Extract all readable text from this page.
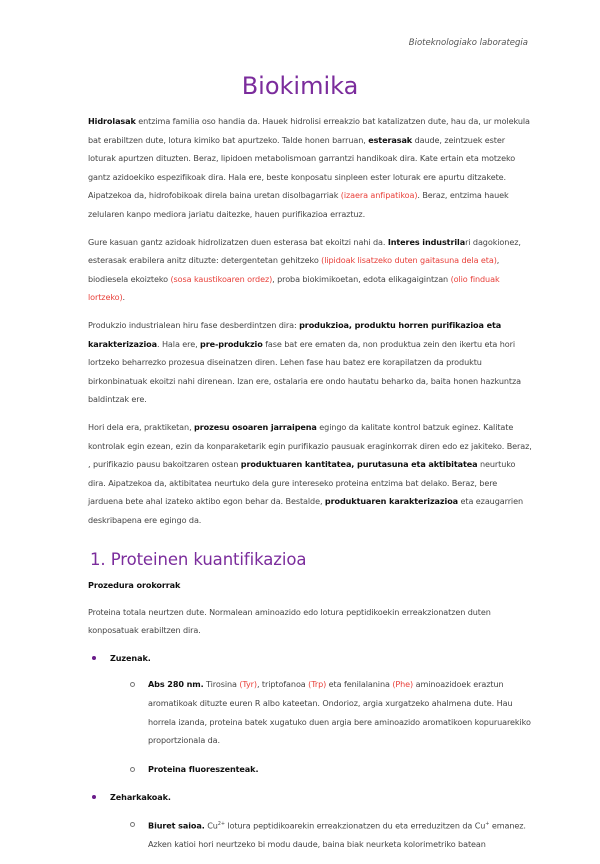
Bioteknologiako laborategia
Biokimika

Hidrolasak entzima familia oso handia da. Hauek hidrolisi erreakzio bat katalizatzen dute, hau da, ur molekula bat erabiltzen dute, lotura kimiko bat apurtzeko. Talde honen barruan, esterasak daude, zeintzuek ester loturak apurtzen dituzten. Beraz, lipidoen metabolismoan garrantzi handikoak dira. Kate ertain eta motzeko gantz azidoekiko espezifikoak dira. Hala ere, beste konposatu sinpleen ester loturak ere apurtu ditzakete. Aipatzekoa da, hidrofobikoak direla baina uretan disolbagarriak (izaera anfipatikoa). Beraz, entzima hauek zelularen kanpo mediora jariatu daitezke, hauen purifikazioa erraztuz.

Gure kasuan gantz azidoak hidrolizatzen duen esterasa bat ekoitzi nahi da. Interes industrilari dagokionez, esterasak erabilera anitz dituzte: detergentetan gehitzeko (lipidoak lisatzeko duten gaitasuna dela eta), biodiesela ekoizteko (sosa kaustikoaren ordez), proba biokimikoetan, edota elikagaigintzan (olio finduak lortzeko).

Produkzio industrialean hiru fase desberdintzen dira: produkzioa, produktu horren purifikazioa eta karakterizazioa. Hala ere, pre-produkzio fase bat ere ematen da, non produktua zein den ikertu eta hori lortzeko beharrezko prozesua diseinatzen diren. Lehen fase hau batez ere korapilatzen da produktu birkonbinatuak ekoitzi nahi direnean. Izan ere, ostalaria ere ondo hautatu beharko da, baita honen hazkuntza baldintzak ere.

Hori dela era, praktiketan, prozesu osoaren jarraipena egingo da kalitate kontrol batzuk eginez. Kalitate kontrolak egin ezean, ezin da konparaketarik egin purifikazio pausuak eraginkorrak diren edo ez jakiteko. Beraz, , purifikazio pausu bakoitzaren ostean produktuaren kantitatea, purutasuna eta aktibitatea neurtuko dira. Aipatzekoa da, aktibitatea neurtuko dela gure intereseko proteina entzima bat delako. Beraz, bere jarduena bete ahal izateko aktibo egon behar da. Bestalde, produktuaren karakterizazioa eta ezaugarrien deskribapena ere egingo da.

1. Proteinen kuantifikazioa
Prozedura orokorrak

Proteina totala neurtzen dute. Normalean aminoazido edo lotura peptidikoekin erreakzionatzen duten konposatuak erabiltzen dira.

Zuzenak.
Abs 280 nm. Tirosina (Tyr), triptofanoa (Trp) eta fenilalanina (Phe) aminoazidoek eraztun aromatikoak dituzte euren R albo kateetan. Ondorioz, argia xurgatzeko ahalmena dute. Hau horrela izanda, proteina batek xugatuko duen argia bere aminoazido aromatikoen kopuruarekiko proportzionala da.
Proteina fluoreszenteak.
Zeharkakoak.
Biuret saioa. $Cu^{2+}$ lotura peptidikoarekin erreakzionatzen du eta erreduzitzen da Cu+ emanez. Azken katioi hori neurtzeko bi modu daude, baina biak neurketa kolorimetriko batean
